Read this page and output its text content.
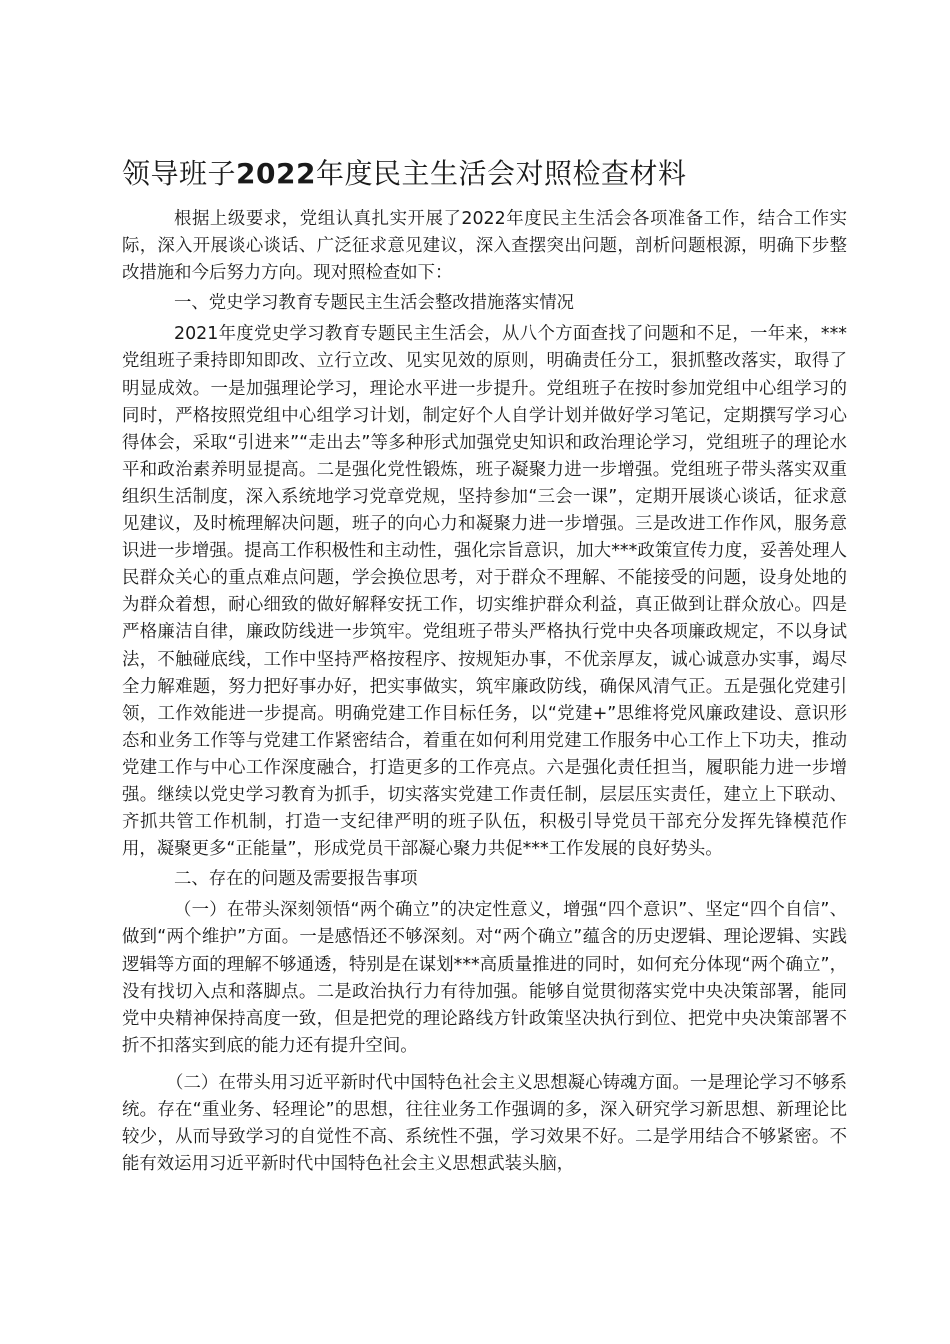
领导班子2022年度民主生活会对照检查材料

根据上级要求，党组认真扎实开展了2022年度民主生活会各项准备工作，结合工作实际，深入开展谈心谈话、广泛征求意见建议，深入查摆突出问题，剖析问题根源，明确下步整改措施和今后努力方向。现对照检查如下：

一、党史学习教育专题民主生活会整改措施落实情况

2021年度党史学习教育专题民主生活会，从八个方面查找了问题和不足，一年来，***党组班子秉持即知即改、立行立改、见实见效的原则，明确责任分工，狠抓整改落实，取得了明显成效。一是加强理论学习，理论水平进一步提升。党组班子在按时参加党组中心组学习的同时，严格按照党组中心组学习计划，制定好个人自学计划并做好学习笔记，定期撰写学习心得体会，采取“引进来”“走出去”等多种形式加强党史知识和政治理论学习，党组班子的理论水平和政治素养明显提高。二是强化党性锻炼，班子凝聚力进一步增强。党组班子带头落实双重组织生活制度，深入系统地学习党章党规，坚持参加“三会一课”，定期开展谈心谈话，征求意见建议，及时梳理解决问题，班子的向心力和凝聚力进一步增强。三是改进工作作风，服务意识进一步增强。提高工作积极性和主动性，强化宗旨意识，加大***政策宣传力度，妥善处理人民群众关心的重点难点问题，学会换位思考，对于群众不理解、不能接受的问题，设身处地的为群众着想，耐心细致的做好解释安抚工作，切实维护群众利益，真正做到让群众放心。四是严格廉洁自律，廉政防线进一步筑牢。党组班子带头严格执行党中央各项廉政规定，不以身试法，不触碰底线，工作中坚持严格按程序、按规矩办事，不优亲厚友，诚心诚意办实事，竭尽全力解难题，努力把好事办好，把实事做实，筑牢廉政防线，确保风清气正。五是强化党建引领，工作效能进一步提高。明确党建工作目标任务，以“党建+”思维将党风廉政建设、意识形态和业务工作等与党建工作紧密结合，着重在如何利用党建工作服务中心工作上下功夫，推动党建工作与中心工作深度融合，打造更多的工作亮点。六是强化责任担当，履职能力进一步增强。继续以党史学习教育为抓手，切实落实党建工作责任制，层层压实责任，建立上下联动、齐抓共管工作机制，打造一支纪律严明的班子队伍，积极引导党员干部充分发挥先锋模范作用，凝聚更多“正能量”，形成党员干部凝心聚力共促***工作发展的良好势头。

二、存在的问题及需要报告事项

（一）在带头深刻领悟“两个确立”的决定性意义，增强“四个意识”、坚定“四个自信”、做到“两个维护”方面。一是感悟还不够深刻。对“两个确立”蕴含的历史逻辑、理论逻辑、实践逻辑等方面的理解不够通透，特别是在谋划***高质量推进的同时，如何充分体现“两个确立”，没有找切入点和落脚点。二是政治执行力有待加强。能够自觉贯彻落实党中央决策部署，能同党中央精神保持高度一致，但是把党的理论路线方针政策坚决执行到位、把党中央决策部署不折不扣落实到底的能力还有提升空间。

（二）在带头用习近平新时代中国特色社会主义思想凝心铸魂方面。一是理论学习不够系统。存在“重业务、轻理论”的思想，往往业务工作强调的多，深入研究学习新思想、新理论比较少，从而导致学习的自觉性不高、系统性不强，学习效果不好。二是学用结合不够紧密。不能有效运用习近平新时代中国特色社会主义思想武装头脑，
